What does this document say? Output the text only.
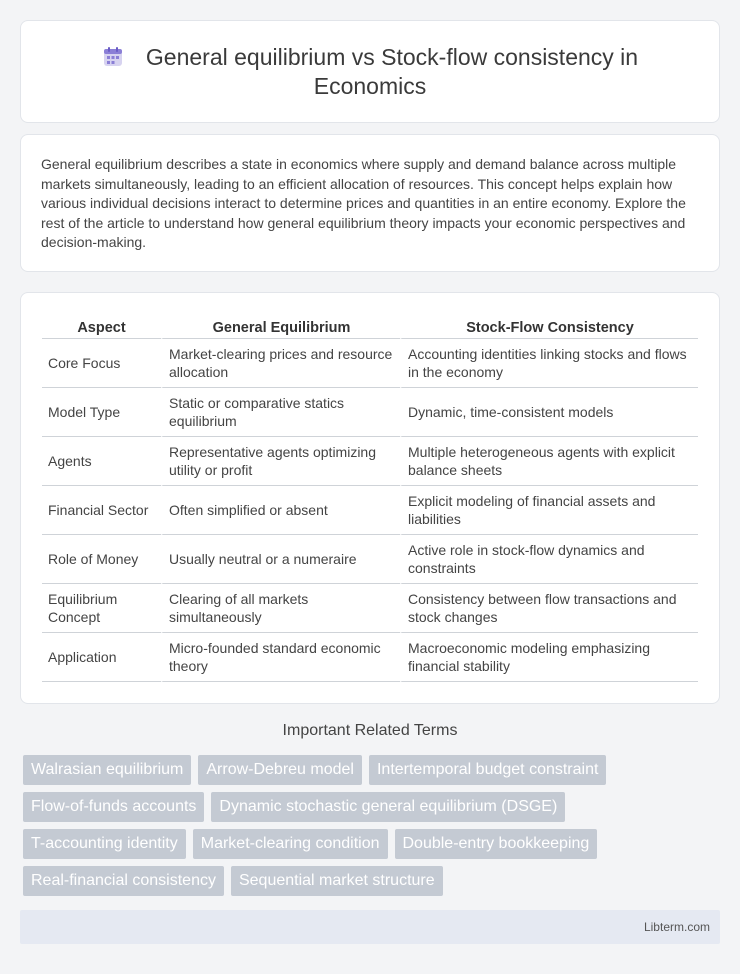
General equilibrium vs Stock-flow consistency in Economics

General equilibrium describes a state in economics where supply and demand balance across multiple markets simultaneously, leading to an efficient allocation of resources. This concept helps explain how various individual decisions interact to determine prices and quantities in an entire economy. Explore the rest of the article to understand how general equilibrium theory impacts your economic perspectives and decision-making.

Aspect	General Equilibrium	Stock-Flow Consistency
Core Focus	Market-clearing prices and resource allocation	Accounting identities linking stocks and flows in the economy
Model Type	Static or comparative statics equilibrium	Dynamic, time-consistent models
Agents	Representative agents optimizing utility or profit	Multiple heterogeneous agents with explicit balance sheets
Financial Sector	Often simplified or absent	Explicit modeling of financial assets and liabilities
Role of Money	Usually neutral or a numeraire	Active role in stock-flow dynamics and constraints
Equilibrium Concept	Clearing of all markets simultaneously	Consistency between flow transactions and stock changes
Application	Micro-founded standard economic theory	Macroeconomic modeling emphasizing financial stability
Important Related Terms
Walrasian equilibrium	Arrow-Debreu model	Intertemporal budget constraint
Flow-of-funds accounts	Dynamic stochastic general equilibrium (DSGE)
T-accounting identity	Market-clearing condition	Double-entry bookkeeping
Real-financial consistency	Sequential market structure
Libterm.com
